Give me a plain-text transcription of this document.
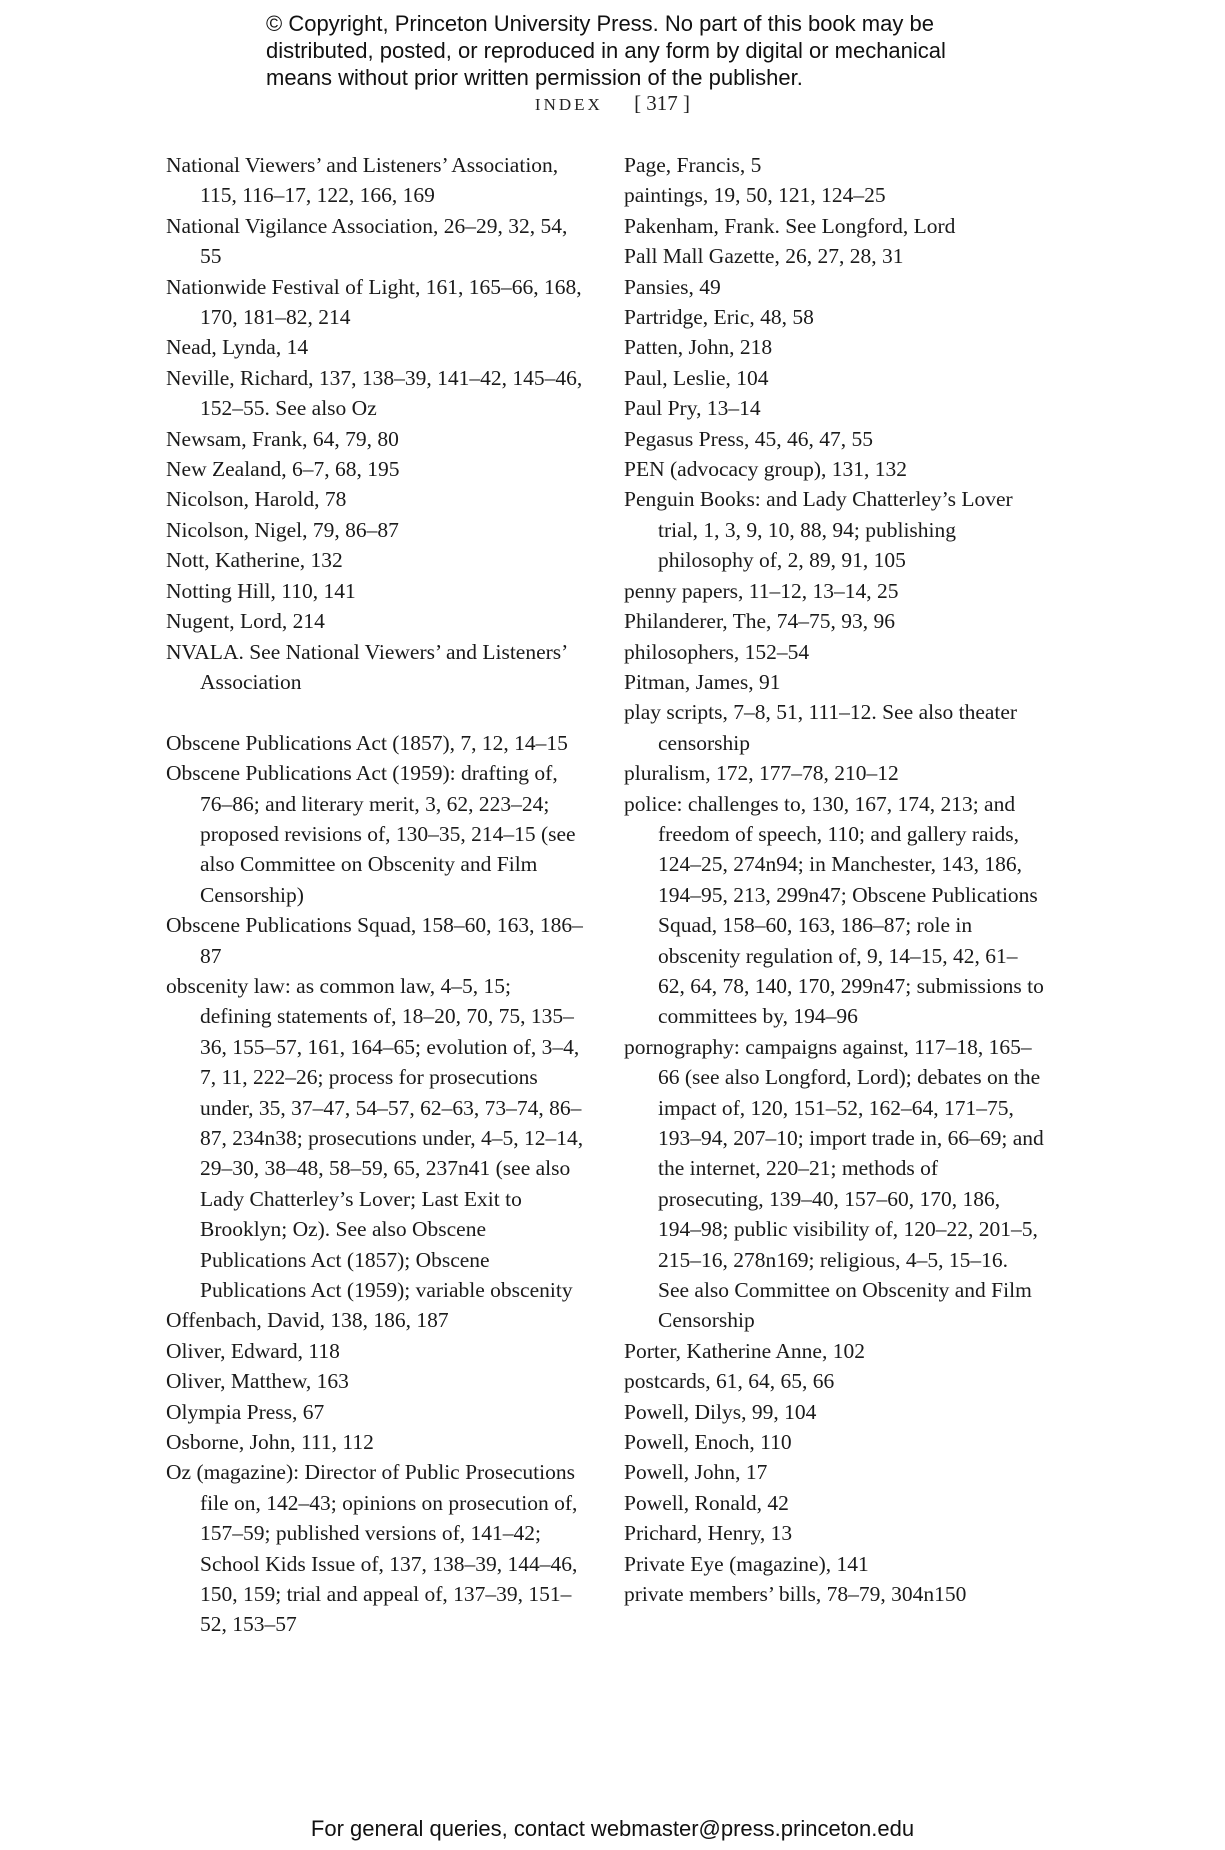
© Copyright, Princeton University Press. No part of this book may be
distributed, posted, or reproduced in any form by digital or mechanical
means without prior written permission of the publisher.
INDEX [ 317 ]

National Viewers’ and Listeners’ Association, 115, 116–17, 122, 166, 169

National Vigilance Association, 26–29, 32, 54, 55

Nationwide Festival of Light, 161, 165–66, 168, 170, 181–82, 214

Nead, Lynda, 14

Neville, Richard, 137, 138–39, 141–42, 145–46, 152–55. See also Oz

Newsam, Frank, 64, 79, 80

New Zealand, 6–7, 68, 195

Nicolson, Harold, 78

Nicolson, Nigel, 79, 86–87

Nott, Katherine, 132

Notting Hill, 110, 141

Nugent, Lord, 214

NVALA. See National Viewers’ and Listeners’ Association

Obscene Publications Act (1857), 7, 12, 14–15

Obscene Publications Act (1959): drafting of, 76–86; and literary merit, 3, 62, 223–24; proposed revisions of, 130–35, 214–15 (see also Committee on Obscenity and Film Censorship)

Obscene Publications Squad, 158–60, 163, 186–87

obscenity law: as common law, 4–5, 15; defining statements of, 18–20, 70, 75, 135–36, 155–57, 161, 164–65; evolution of, 3–4, 7, 11, 222–26; process for prosecutions under, 35, 37–47, 54–57, 62–63, 73–74, 86–87, 234n38; prosecutions under, 4–5, 12–14, 29–30, 38–48, 58–59, 65, 237n41 (see also Lady Chatterley’s Lover; Last Exit to Brooklyn; Oz). See also Obscene Publications Act (1857); Obscene Publications Act (1959); variable obscenity

Offenbach, David, 138, 186, 187

Oliver, Edward, 118

Oliver, Matthew, 163

Olympia Press, 67

Osborne, John, 111, 112

Oz (magazine): Director of Public Prosecutions file on, 142–43; opinions on prosecution of, 157–59; published versions of, 141–42; School Kids Issue of, 137, 138–39, 144–46, 150, 159; trial and appeal of, 137–39, 151–52, 153–57

Page, Francis, 5

paintings, 19, 50, 121, 124–25

Pakenham, Frank. See Longford, Lord

Pall Mall Gazette, 26, 27, 28, 31

Pansies, 49

Partridge, Eric, 48, 58

Patten, John, 218

Paul, Leslie, 104

Paul Pry, 13–14

Pegasus Press, 45, 46, 47, 55

PEN (advocacy group), 131, 132

Penguin Books: and Lady Chatterley’s Lover trial, 1, 3, 9, 10, 88, 94; publishing philosophy of, 2, 89, 91, 105

penny papers, 11–12, 13–14, 25

Philanderer, The, 74–75, 93, 96

philosophers, 152–54

Pitman, James, 91

play scripts, 7–8, 51, 111–12. See also theater censorship

pluralism, 172, 177–78, 210–12

police: challenges to, 130, 167, 174, 213; and freedom of speech, 110; and gallery raids, 124–25, 274n94; in Manchester, 143, 186, 194–95, 213, 299n47; Obscene Publications Squad, 158–60, 163, 186–87; role in obscenity regulation of, 9, 14–15, 42, 61–62, 64, 78, 140, 170, 299n47; submissions to committees by, 194–96

pornography: campaigns against, 117–18, 165–66 (see also Longford, Lord); debates on the impact of, 120, 151–52, 162–64, 171–75, 193–94, 207–10; import trade in, 66–69; and the internet, 220–21; methods of prosecuting, 139–40, 157–60, 170, 186, 194–98; public visibility of, 120–22, 201–5, 215–16, 278n169; religious, 4–5, 15–16. See also Committee on Obscenity and Film Censorship

Porter, Katherine Anne, 102

postcards, 61, 64, 65, 66

Powell, Dilys, 99, 104

Powell, Enoch, 110

Powell, John, 17

Powell, Ronald, 42

Prichard, Henry, 13

Private Eye (magazine), 141

private members’ bills, 78–79, 304n150

For general queries, contact webmaster@press.princeton.edu
